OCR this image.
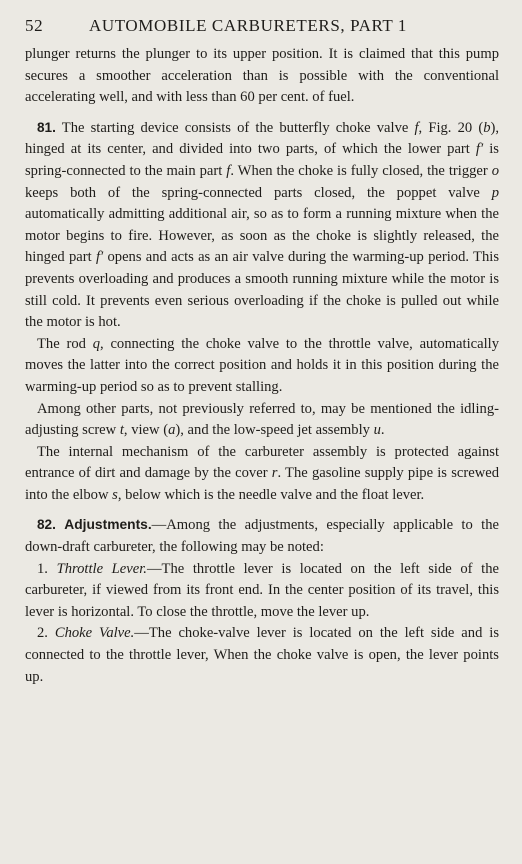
52	AUTOMOBILE CARBURETERS, PART 1

plunger returns the plunger to its upper position. It is claimed that this pump secures a smoother acceleration than is possible with the conventional accelerating well, and with less than 60 per cent. of fuel.

81. The starting device consists of the butterfly choke valve f, Fig. 20 (b), hinged at its center, and divided into two parts, of which the lower part f′ is spring-connected to the main part f. When the choke is fully closed, the trigger o keeps both of the spring-connected parts closed, the poppet valve p automatically admitting additional air, so as to form a running mixture when the motor begins to fire. However, as soon as the choke is slightly released, the hinged part f′ opens and acts as an air valve during the warming-up period. This prevents overloading and produces a smooth running mixture while the motor is still cold. It prevents even serious overloading if the choke is pulled out while the motor is hot.

The rod q, connecting the choke valve to the throttle valve, automatically moves the latter into the correct position and holds it in this position during the warming-up period so as to prevent stalling.

Among other parts, not previously referred to, may be mentioned the idling-adjusting screw t, view (a), and the low-speed jet assembly u.

The internal mechanism of the carbureter assembly is protected against entrance of dirt and damage by the cover r. The gasoline supply pipe is screwed into the elbow s, below which is the needle valve and the float lever.

82. Adjustments.—Among the adjustments, especially applicable to the down-draft carbureter, the following may be noted:

1. Throttle Lever.—The throttle lever is located on the left side of the carbureter, if viewed from its front end. In the center position of its travel, this lever is horizontal. To close the throttle, move the lever up.

2. Choke Valve.—The choke-valve lever is located on the left side and is connected to the throttle lever, When the choke valve is open, the lever points up.
